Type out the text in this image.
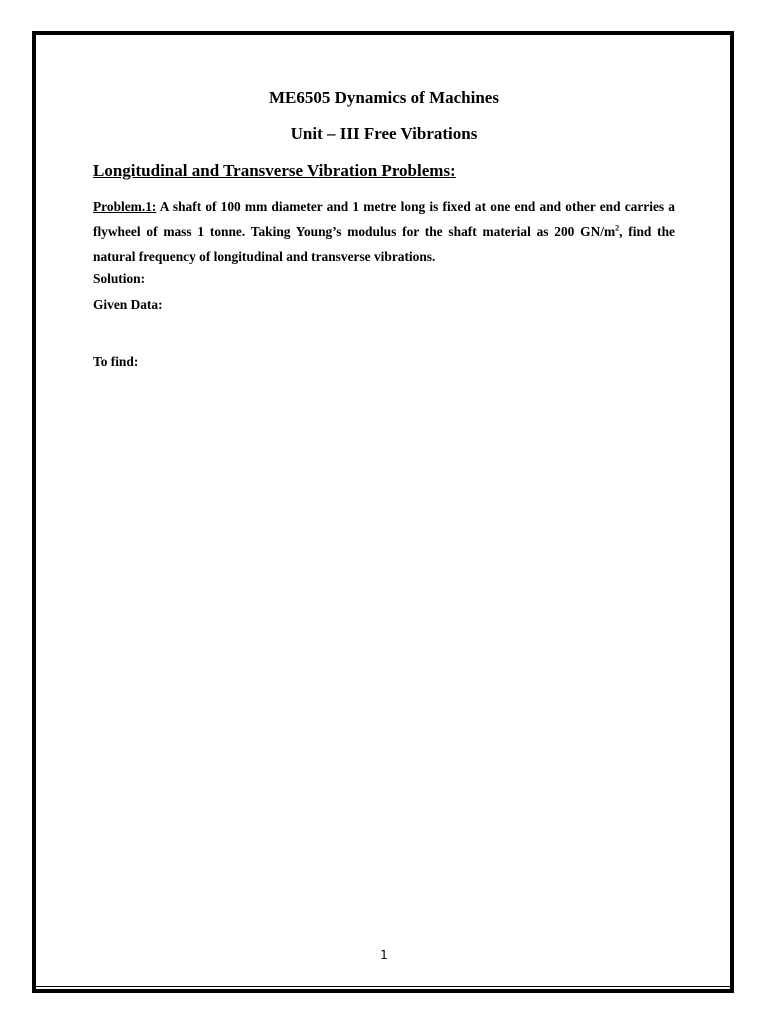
ME6505 Dynamics of Machines
Unit – III Free Vibrations
Longitudinal and Transverse Vibration Problems:
Problem.1: A shaft of 100 mm diameter and 1 metre long is fixed at one end and other end carries a flywheel of mass 1 tonne. Taking Young’s modulus for the shaft material as 200 $GN/m^2$, find the natural frequency of longitudinal and transverse vibrations.
Solution:
Given Data:
To find:
1
